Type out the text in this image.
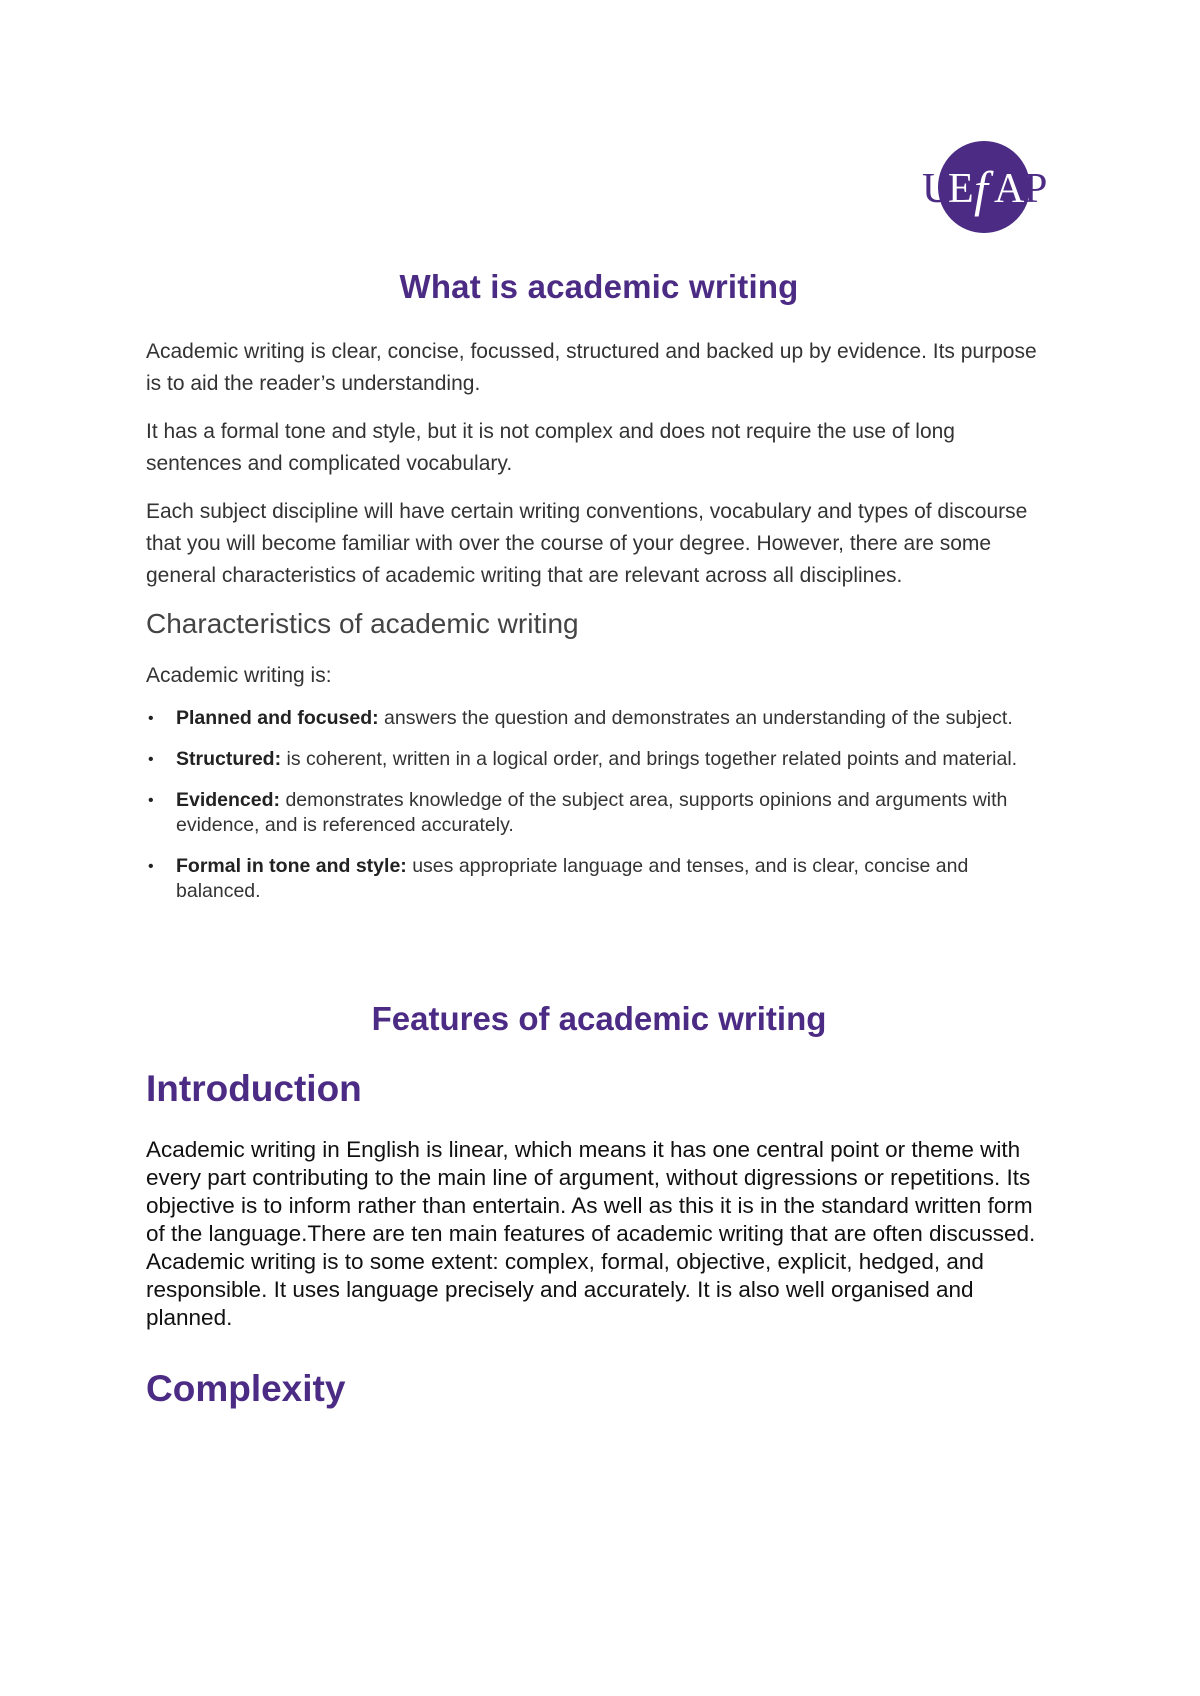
U
E f A P
What is academic writing

Academic writing is clear, concise, focussed, structured and backed up by evidence. Its purpose is to aid the reader’s understanding.

It has a formal tone and style, but it is not complex and does not require the use of long sentences and complicated vocabulary.

Each subject discipline will have certain writing conventions, vocabulary and types of discourse that you will become familiar with over the course of your degree. However, there are some general characteristics of academic writing that are relevant across all disciplines.

Characteristics of academic writing

Academic writing is:

• Planned and focused: answers the question and demonstrates an understanding of the subject.
• Structured: is coherent, written in a logical order, and brings together related points and material.
• Evidenced: demonstrates knowledge of the subject area, supports opinions and arguments with evidence, and is referenced accurately.
• Formal in tone and style: uses appropriate language and tenses, and is clear, concise and balanced.
Features of academic writing
Introduction

Academic writing in English is linear, which means it has one central point or theme with every part contributing to the main line of argument, without digressions or repetitions. Its objective is to inform rather than entertain. As well as this it is in the standard written form of the language.There are ten main features of academic writing that are often discussed. Academic writing is to some extent: complex, formal, objective, explicit, hedged, and responsible. It uses language precisely and accurately. It is also well organised and planned.

Complexity
